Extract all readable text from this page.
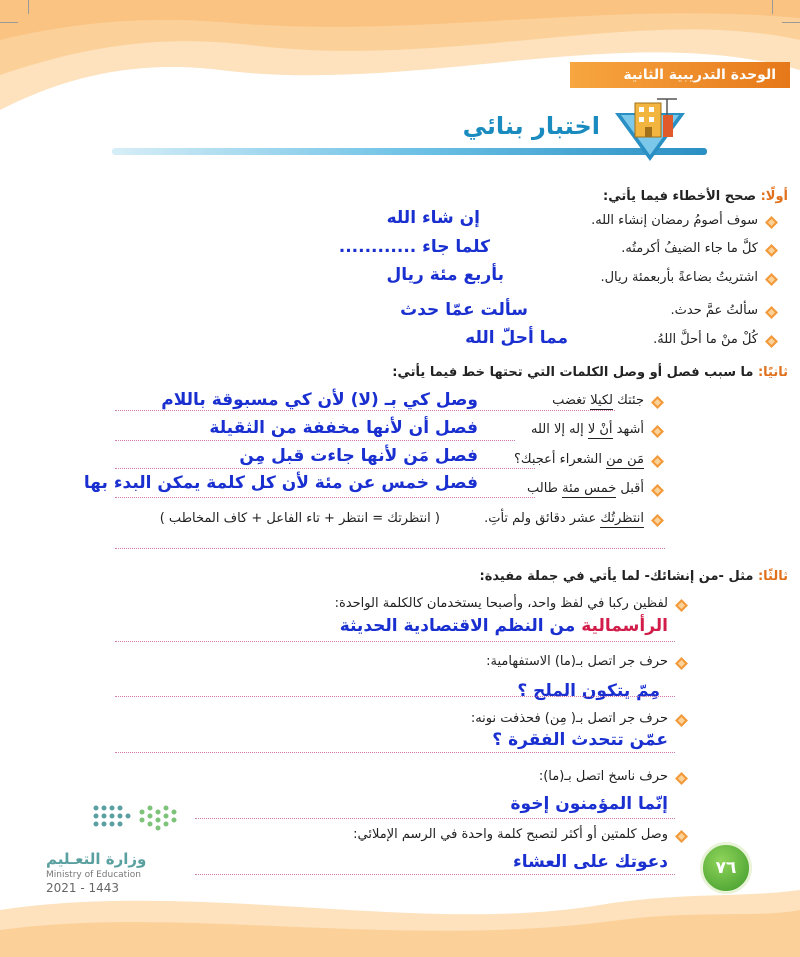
الوحدة التدريبية الثانية
اختبار بنائي
أولًا: صحح الأخطاء فيما يأتي:
سوف أصومُ رمضان إنشاء الله.
إن شاء الله
كلَّ ما جاء الضيفُ أكرمتُه.
كلما جاء ............
اشتريتُ بضاعةً بأربعمئة ريال.
بأربع مئة ريال
سألتُ عمَّ حدث.
سألت عمّا حدث
كُلْ منْ ما أحلَّ اللهُ.
مما أحلّ الله
ثانيًا: ما سبب فصل أو وصل الكلمات التي تحتها خط فيما يأتي:
جئتك لكيلا تغضب
وصل كي بـ (لا) لأن كي مسبوقة باللام
أشهد أنْ لا إله إلا الله
فصل أن لأنها مخففة من الثقيلة
مَن من الشعراء أعجبك؟
فصل مَن لأنها جاءت قبل مِن
أقبل خمس مئة طالب
فصل خمس عن مئة لأن كل كلمة يمكن البدء بها
انتظرتُك عشر دقائق ولم تأتِ.
( انتظرتك = انتظر + تاء الفاعل + كاف المخاطب )
ثالثًا: مثل -من إنشائك- لما يأتي في جملة مفيدة:
لفظين ركبا في لفظ واحد، وأصبحا يستخدمان كالكلمة الواحدة:
الرأسمالية من النظم الاقتصادية الحديثة
حرف جر اتصل بـ(ما) الاستفهامية:
مِمّ يتكون الملح ؟
حرف جر اتصل بـ( مِن) فحذفت نونه:
عمّن تتحدث الفقرة ؟
حرف ناسخ اتصل بـ(ما):
إنّما المؤمنون إخوة
وصل كلمتين أو أكثر لتصبح كلمة واحدة في الرسم الإملائي:
دعوتك على العشاء	٧٦
وزارة التعـليم
Ministry of Education
2021 - 1443
